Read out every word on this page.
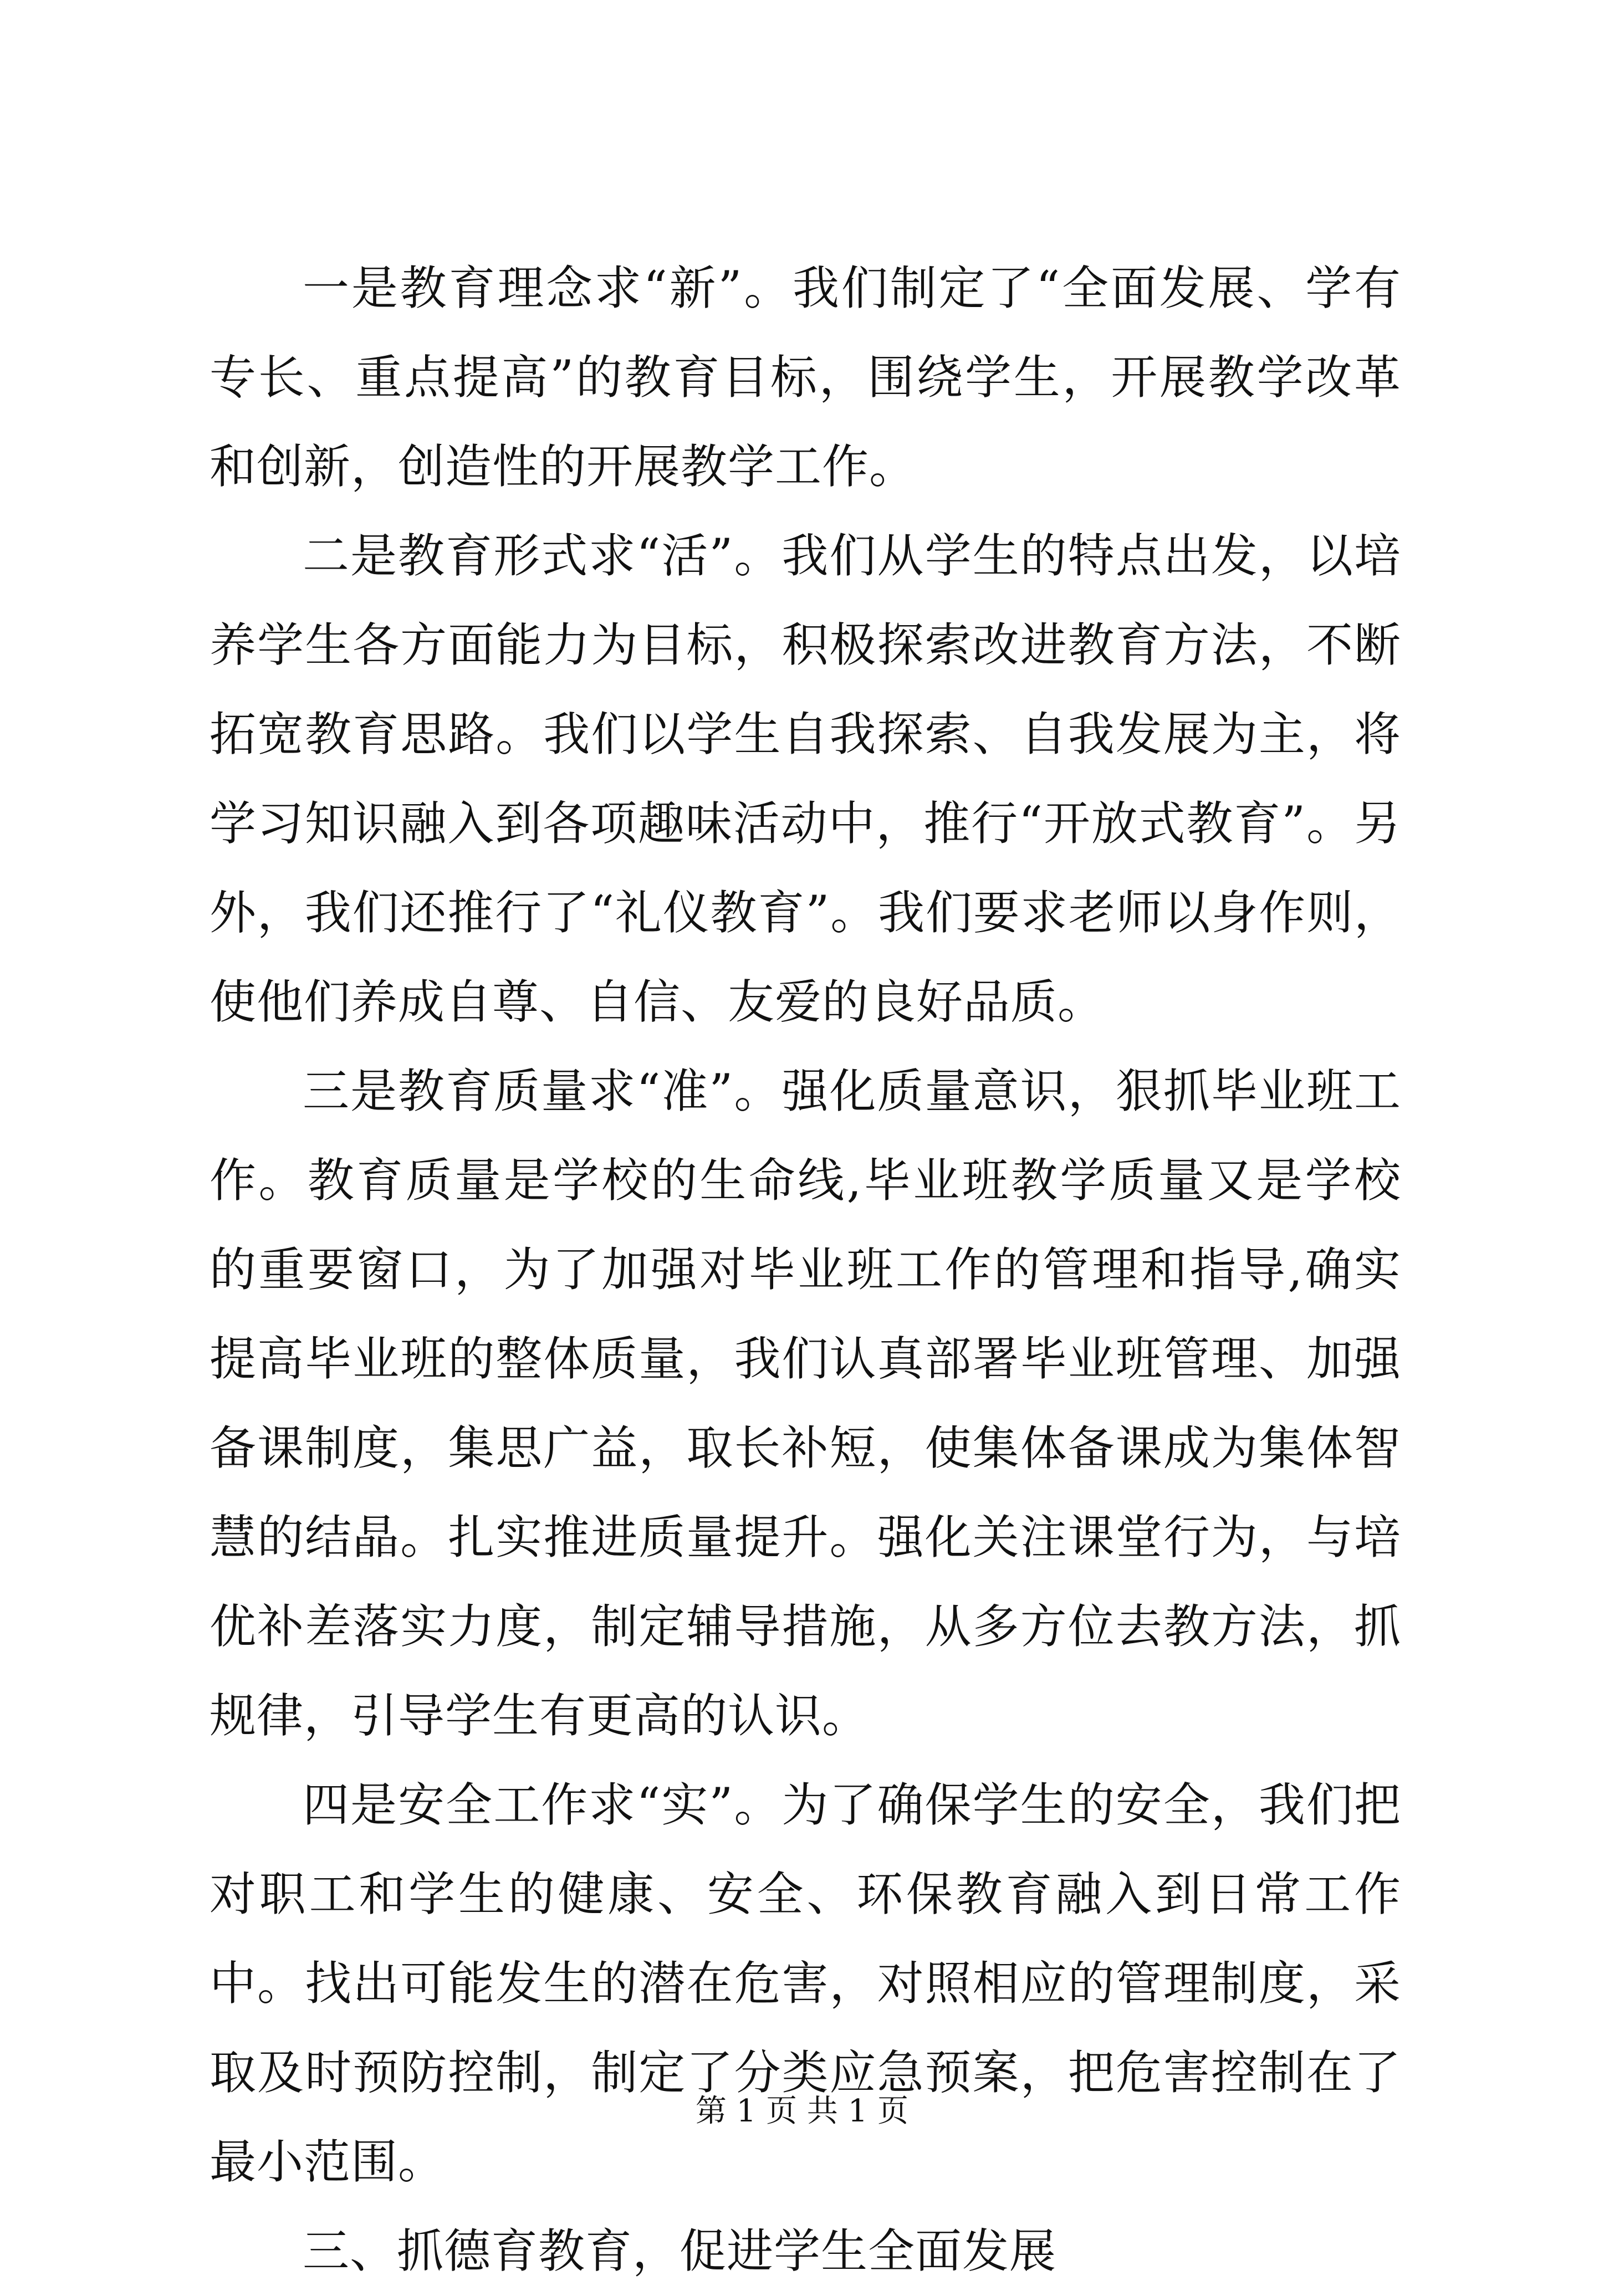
一是教育理念求“新”。我们制定了“全面发展、学有专长、重点提高”的教育目标，围绕学生，开展教学改革和创新，创造性的开展教学工作。

二是教育形式求“活”。我们从学生的特点出发，以培养学生各方面能力为目标，积极探索改进教育方法，不断拓宽教育思路。我们以学生自我探索、自我发展为主，将学习知识融入到各项趣味活动中，推行“开放式教育”。另外，我们还推行了“礼仪教育”。我们要求老师以身作则，使他们养成自尊、自信、友爱的良好品质。

三是教育质量求“准”。强化质量意识，狠抓毕业班工作。教育质量是学校的生命线,毕业班教学质量又是学校的重要窗口，为了加强对毕业班工作的管理和指导,确实提高毕业班的整体质量，我们认真部署毕业班管理、加强备课制度，集思广益，取长补短，使集体备课成为集体智慧的结晶。扎实推进质量提升。强化关注课堂行为，与培优补差落实力度，制定辅导措施，从多方位去教方法，抓规律，引导学生有更高的认识。

四是安全工作求“实”。为了确保学生的安全，我们把对职工和学生的健康、安全、环保教育融入到日常工作中。找出可能发生的潜在危害，对照相应的管理制度，采取及时预防控制，制定了分类应急预案，把危害控制在了最小范围。

三、抓德育教育，促进学生全面发展

第 1 页 共 1 页
